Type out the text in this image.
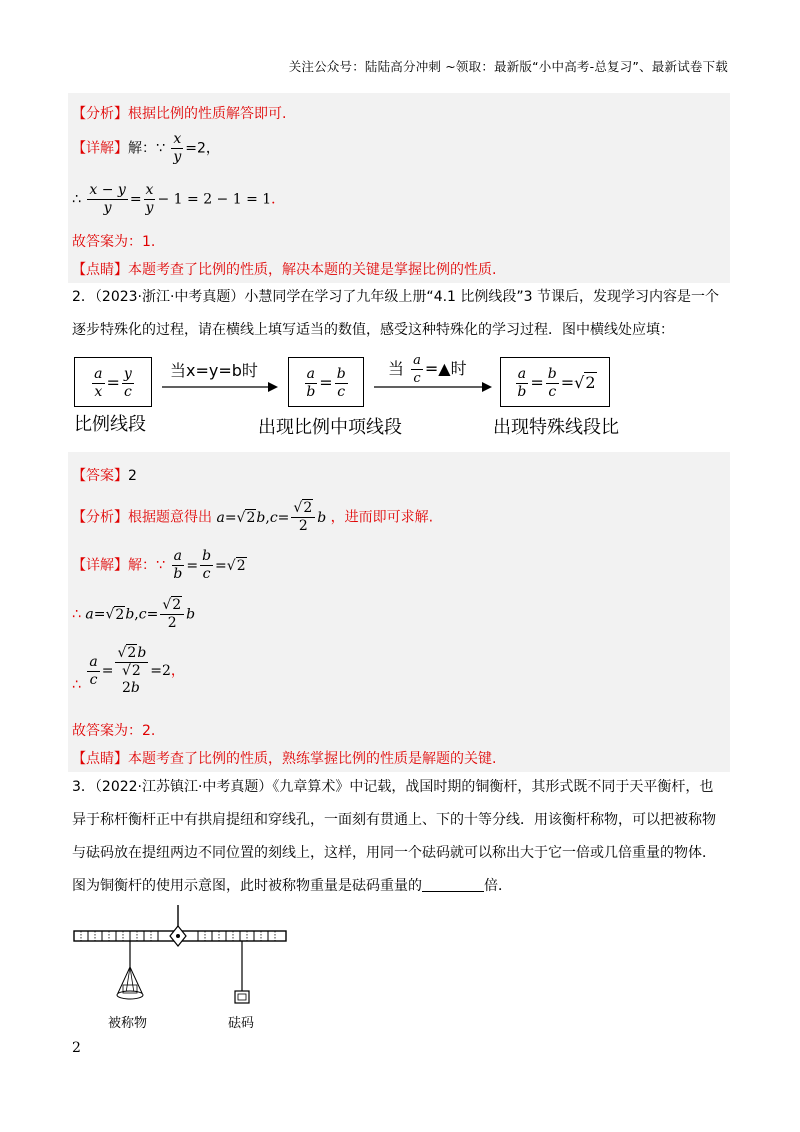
关注公众号：陆陆高分冲刺 ~领取：最新版“小中高考-总复习”、最新试卷下载
【分析】根据比例的性质解答即可.
【详解】解：∵ $\frac{x}{y} =2$，
∴ $\frac{x - y}{y} = \frac{x}{y} - 1 = 2 - 1 = 1$．
故答案为：1.
【点睛】本题考查了比例的性质，解决本题的关键是掌握比例的性质.
2．（2023·浙江·中考真题）小慧同学在学习了九年级上册“4.1 比例线段”3 节课后，发现学习内容是一个
逐步特殊化的过程，请在横线上填写适当的数值，感受这种特殊化的学习过程．图中横线处应填：
$\frac{a}{x} = \frac{y}{c}$
比例线段
当x=y=b时	$\frac{a}{b} = \frac{b}{c}$
出现比例中项线段
当 $\frac{a}{c}$ =▲时	$\frac{a}{b} = \frac{b}{c} =√2$
出现特殊线段比
【答案】2
【分析】根据题意得出 $a=√2b,c= \frac{√2}{2}$ b ，进而即可求解.
【详解】解：∵ $\frac{a}{b} = \frac{b}{c} =√2$
∴ $a=√2b,c= \frac{√2}{2}$ b
∴ $\frac{a}{c}$ =
√2b
√2
2b
=2，
故答案为：2.
【点睛】本题考查了比例的性质，熟练掌握比例的性质是解题的关键.
3．（2022·江苏镇江·中考真题）《九章算术》中记载，战国时期的铜衡杆，其形式既不同于天平衡杆，也
异于称杆衡杆正中有拱肩提纽和穿线孔，一面刻有贯通上、下的十等分线．用该衡杆称物，可以把被称物
与砝码放在提纽两边不同位置的刻线上，这样，用同一个砝码就可以称出大于它一倍或几倍重量的物体．
图为铜衡杆的使用示意图，此时被称物重量是砝码重量的	倍．
被称物	砝码
2
